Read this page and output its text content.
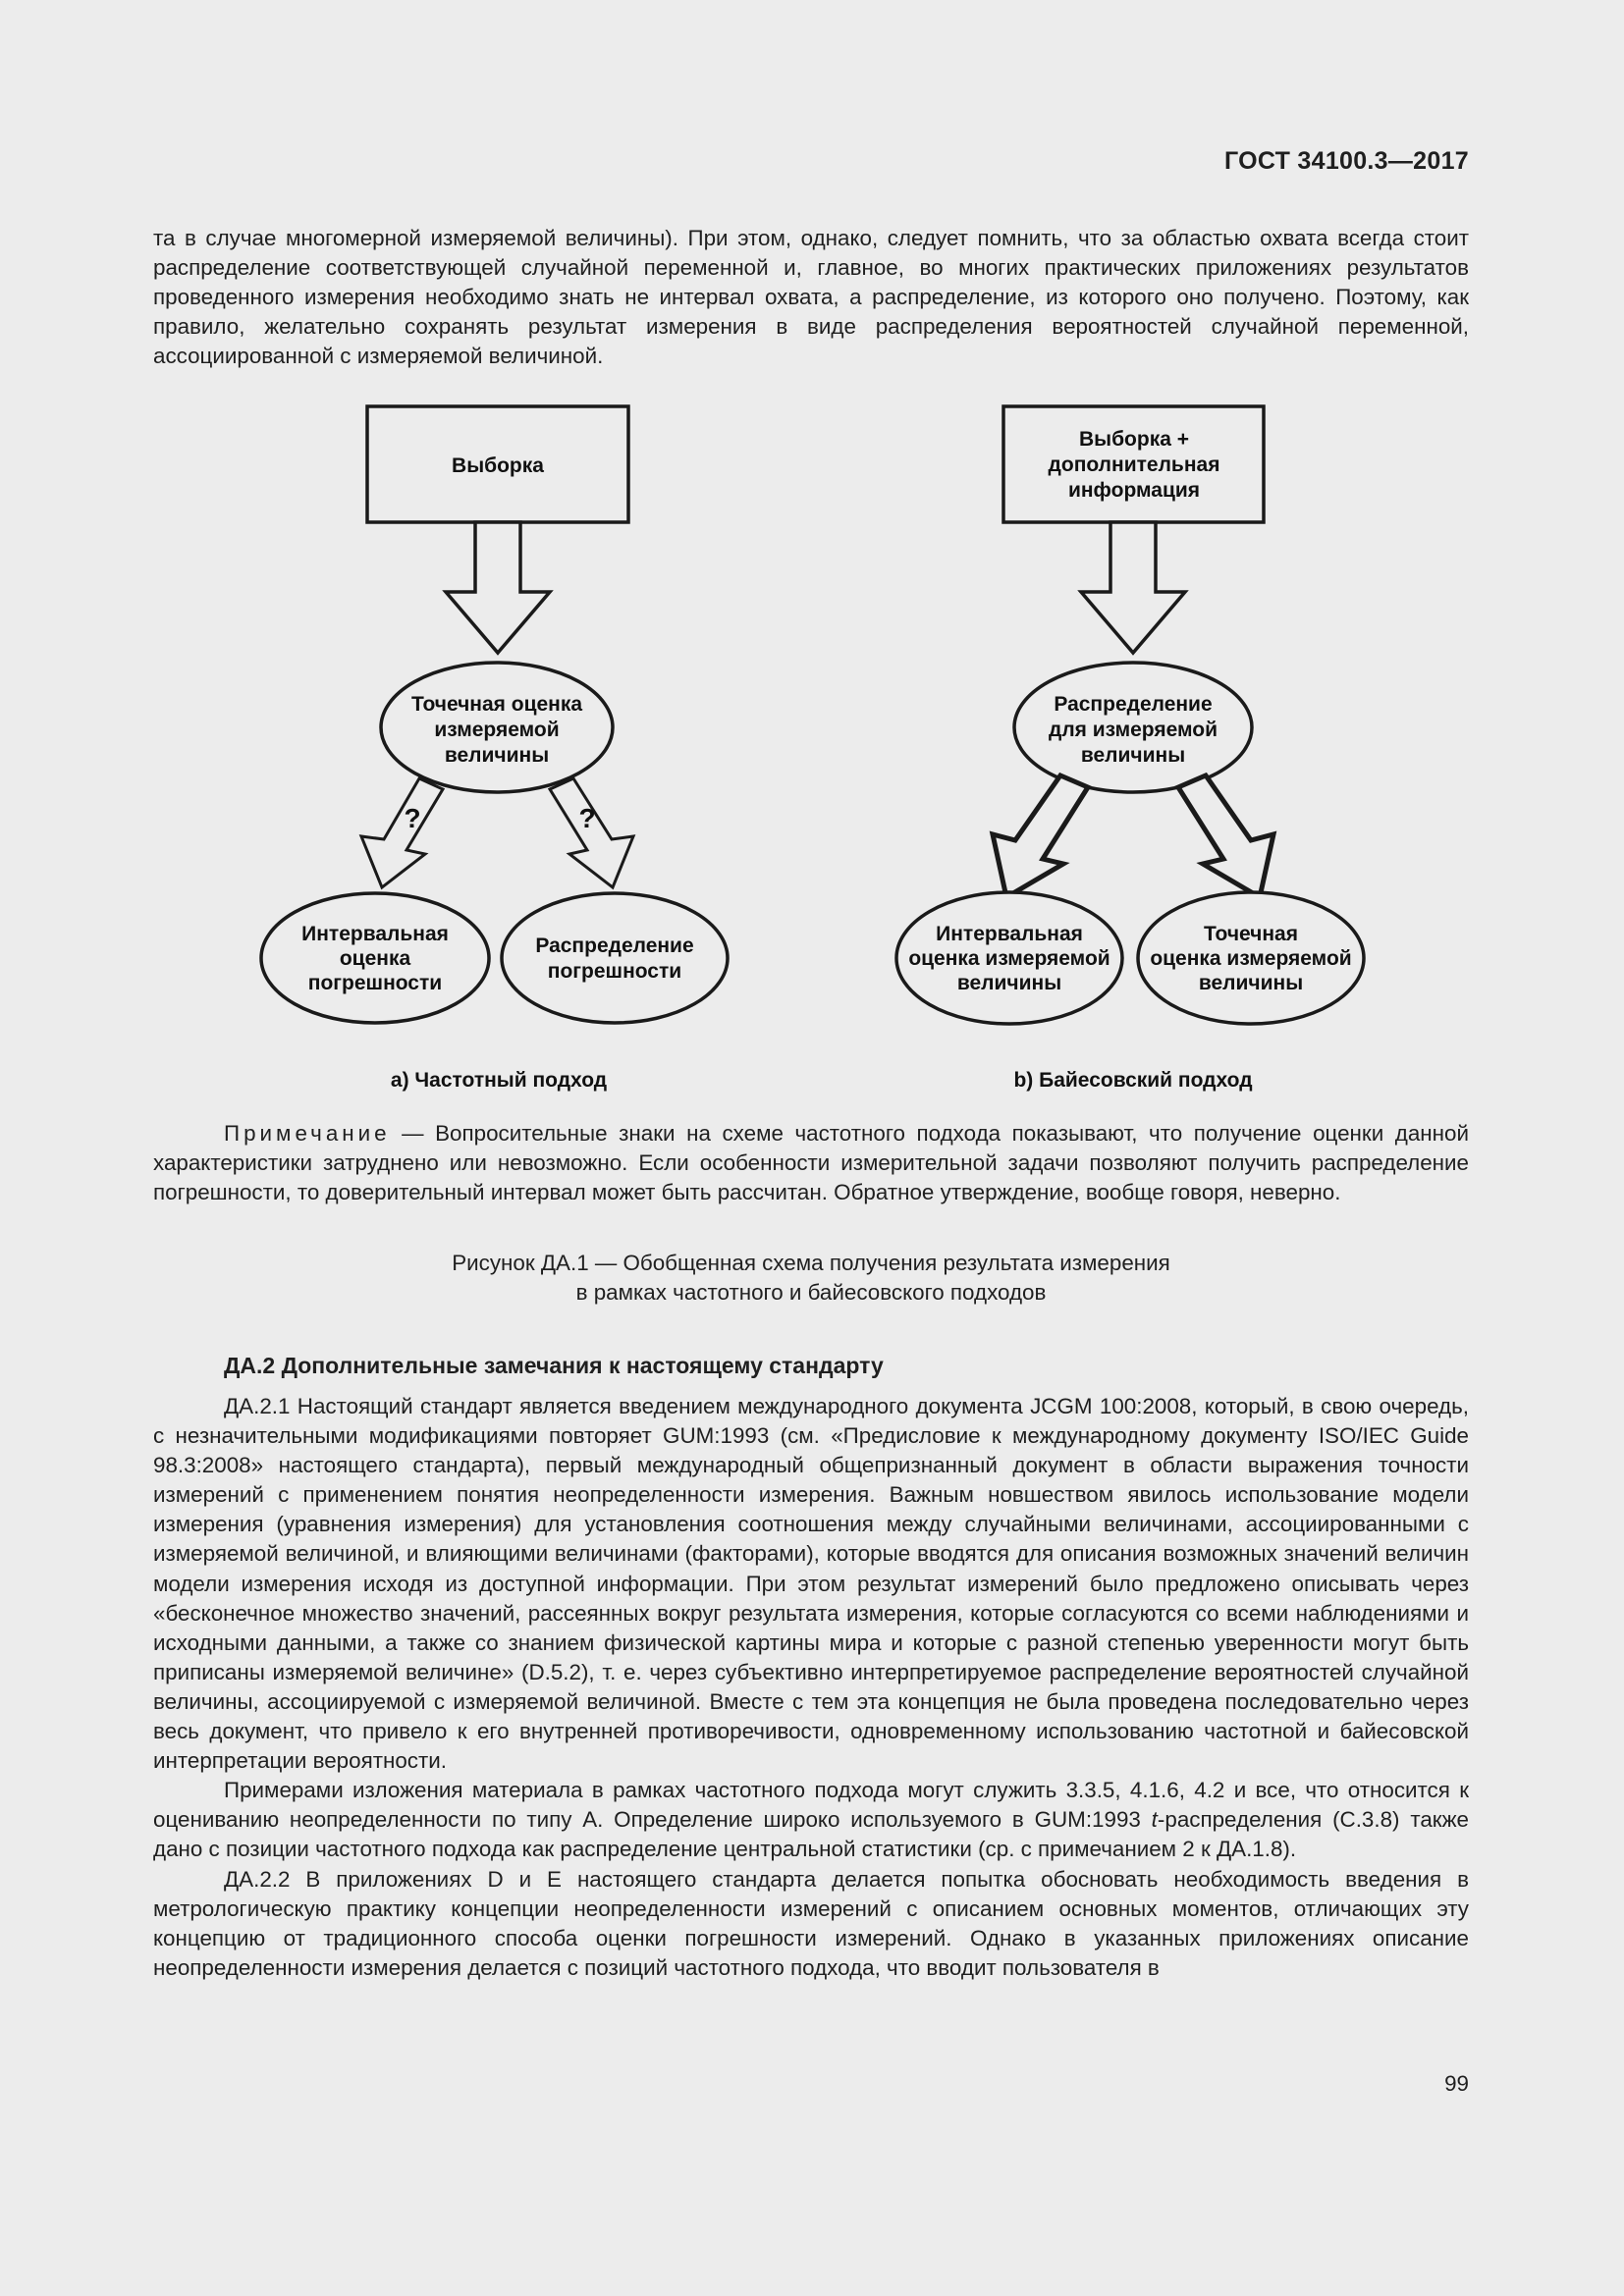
ГОСТ 34100.3—2017

та в случае многомерной измеряемой величины). При этом, однако, следует помнить, что за областью охвата всегда стоит распределение соответствующей случайной переменной и, главное, во многих практических приложениях результатов проведенного измерения необходимо знать не интервал охвата, а распределение, из которого оно получено. Поэтому, как правило, желательно сохранять результат измерения в виде распределения вероятностей случайной переменной, ассоциированной с измеряемой величиной.

Выборка
Точечная оценка
измеряемой
величины
?	?
Интервальная
оценка
погрешности
Распределение
погрешности
а) Частотный подход
Выборка +
дополнительная
информация
Распределение
для измеряемой
величины
Интервальная
оценка измеряемой
величины
Точечная
оценка измеряемой
величины
b) Байесовский подход

Примечание — Вопросительные знаки на схеме частотного подхода показывают, что получение оценки данной характеристики затруднено или невозможно. Если особенности измерительной задачи позволяют получить распределение погрешности, то доверительный интервал может быть рассчитан. Обратное утверждение, вообще говоря, неверно.

Рисунок ДА.1 — Обобщенная схема получения результата измерения
в рамках частотного и байесовского подходов
ДА.2 Дополнительные замечания к настоящему стандарту

ДА.2.1 Настоящий стандарт является введением международного документа JCGM 100:2008, который, в свою очередь, с незначительными модификациями повторяет GUM:1993 (см. «Предисловие к международному документу ISO/IEC Guide 98.3:2008» настоящего стандарта), первый международный общепризнанный документ в области выражения точности измерений с применением понятия неопределенности измерения. Важным новшеством явилось использование модели измерения (уравнения измерения) для установления соотношения между случайными величинами, ассоциированными с измеряемой величиной, и влияющими величинами (факторами), которые вводятся для описания возможных значений величин модели измерения исходя из доступной информации. При этом результат измерений было предложено описывать через «бесконечное множество значений, рассеянных вокруг результата измерения, которые согласуются со всеми наблюдениями и исходными данными, а также со знанием физической картины мира и которые с разной степенью уверенности могут быть приписаны измеряемой величине» (D.5.2), т. е. через субъективно интерпретируемое распределение вероятностей случайной величины, ассоциируемой с измеряемой величиной. Вместе с тем эта концепция не была проведена последовательно через весь документ, что привело к его внутренней противоречивости, одновременному использованию частотной и байесовской интерпретации вероятности.

Примерами изложения материала в рамках частотного подхода могут служить 3.3.5, 4.1.6, 4.2 и все, что относится к оцениванию неопределенности по типу А. Определение широко используемого в GUM:1993 t-распределения (С.3.8) также дано с позиции частотного подхода как распределение центральной статистики (ср. с примечанием 2 к ДА.1.8).

ДА.2.2 В приложениях D и E настоящего стандарта делается попытка обосновать необходимость введения в метрологическую практику концепции неопределенности измерений с описанием основных моментов, отличающих эту концепцию от традиционного способа оценки погрешности измерений. Однако в указанных приложениях описание неопределенности измерения делается с позиций частотного подхода, что вводит пользователя в

99
